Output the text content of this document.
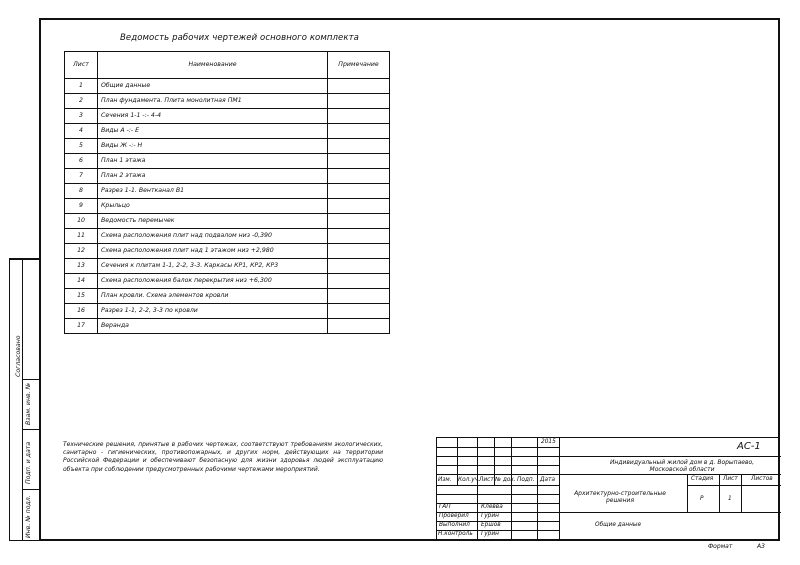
Ведомость рабочих чертежей основного комплекта
Лист	Наименование	Примечание
1	Общие данные	
2	План фундамента. Плита монолитная ПМ1	
3	Сечения 1-1 -:- 4-4	
4	Виды А -:- Е	
5	Виды Ж -:- Н	
6	План 1 этажа	
7	План 2 этажа	
8	Разрез 1-1. Вентканал В1	
9	Крыльцо	
10	Ведомость перемычек	
11	Схема расположения плит над подвалом низ -0,390	
12	Схема расположения плит над 1 этажом низ +2,980	
13	Сечения к плитам 1-1, 2-2, 3-3. Каркасы КР1, КР2, КР3	
14	Схема расположения балок перекрытия низ +6,300	
15	План кровли. Схема элементов кровли	
16	Разрез 1-1, 2-2, 3-3 по кровли	
17	Веранда	
Технические решения, принятые в рабочих чертежах, соответствуют требованиям экологических, санитарно - гигиенических, противопожарных, и других норм, действующих на территории Российской Федерации и обеспечивают безопасную для жизни здоровья людей эксплуатацию объекта при соблюдении предусмотренных рабочими чертежами мероприятий.
Согласовано
Взам. инв. №
Подп. и дата
Инв. № подл.
2015	АС-1
Индивидуальный жилой дом в д. Ворыпаево, Московской области
Изм. Кол.уч. Лист № док. Подп. Дата
Архитектурно-строительные решения
Стадия Лист Листов
Р	1
Общие данные
ГАП	Клевва
Проверил Гурин
Выполнил Ершов
Н.контроль Гурин
Формат	А3
